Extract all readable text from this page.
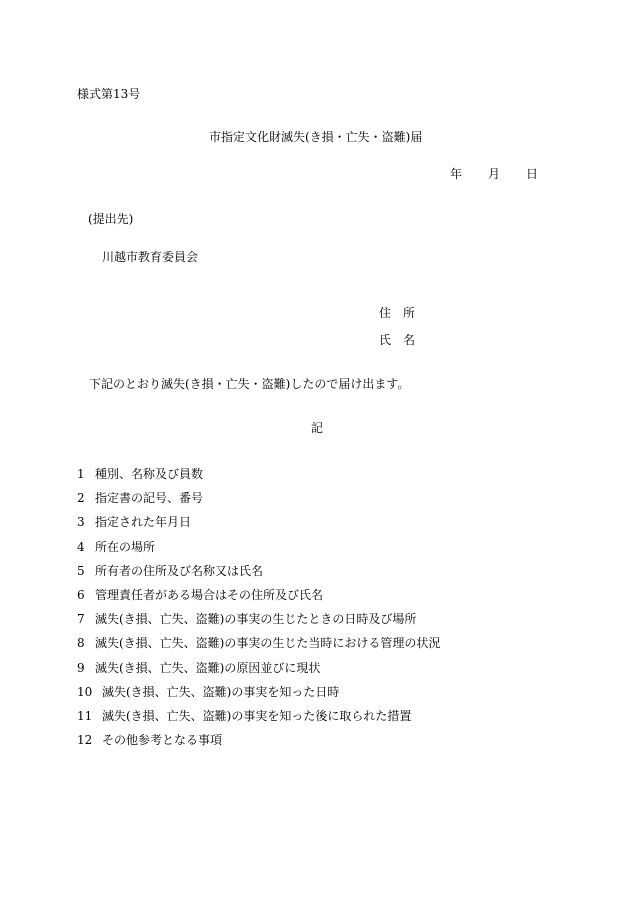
様式第13号
市指定文化財滅失(き損・亡失・盗難)届
年 月 日
(提出先)
川越市教育委員会
住　所
氏　名
下記のとおり滅失(き損・亡失・盗難)したので届け出ます。
記
1 種別、名称及び員数
2 指定書の記号、番号
3 指定された年月日
4 所在の場所
5 所有者の住所及び名称又は氏名
6 管理責任者がある場合はその住所及び氏名
7 滅失(き損、亡失、盗難)の事実の生じたときの日時及び場所
8 滅失(き損、亡失、盗難)の事実の生じた当時における管理の状況
9 滅失(き損、亡失、盗難)の原因並びに現状
10 滅失(き損、亡失、盗難)の事実を知った日時
11 滅失(き損、亡失、盗難)の事実を知った後に取られた措置
12 その他参考となる事項
